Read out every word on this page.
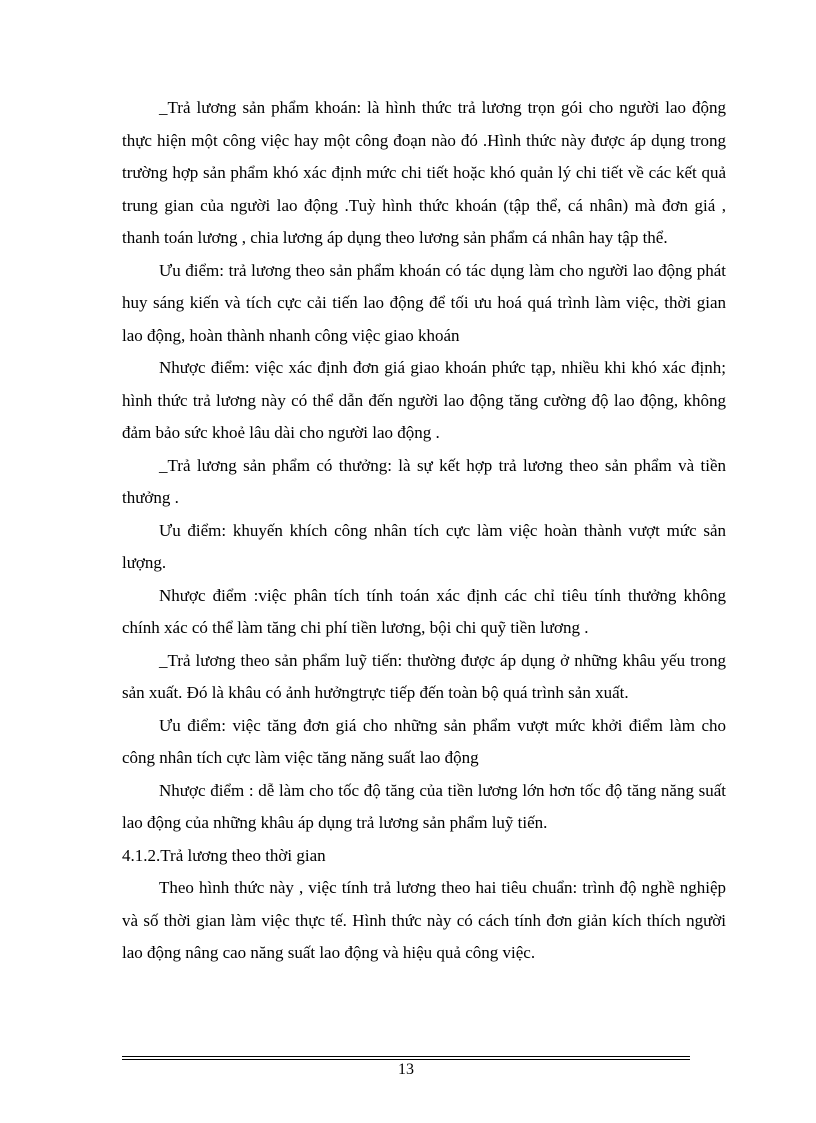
_Trả lương sản phẩm khoán: là hình thức trả lương trọn gói cho người lao động thực hiện một công việc hay một công đoạn nào đó .Hình thức này được áp dụng trong trường hợp sản phẩm khó xác định mức chi tiết hoặc khó quản lý chi tiết về các kết quả trung gian của người lao động .Tuỳ hình thức khoán (tập thể, cá nhân) mà đơn giá , thanh toán lương , chia lương áp dụng theo lương sản phẩm cá nhân hay tập thể.

Ưu điểm: trả lương theo sản phẩm khoán có tác dụng làm cho người lao động phát huy sáng kiến và tích cực cải tiến lao động để tối ưu hoá quá trình làm việc, thời gian lao động, hoàn thành nhanh công việc giao khoán

Nhược điểm: việc xác định đơn giá giao khoán phức tạp, nhiều khi khó xác định; hình thức trả lương này có thể dẫn đến người lao động tăng cường độ lao động, không đảm bảo sức khoẻ lâu dài cho người lao động .

_Trả lương sản phẩm có thưởng: là sự kết hợp trả lương theo sản phẩm và tiền thưởng .

Ưu điểm: khuyến khích công nhân tích cực làm việc hoàn thành vượt mức sản lượng.

Nhược điểm :việc phân tích tính toán xác định các chỉ tiêu tính thưởng không chính xác có thể làm tăng chi phí tiền lương, bội chi quỹ tiền lương .

_Trả lương theo sản phẩm luỹ tiến: thường được áp dụng ở những khâu yếu trong sản xuất. Đó là khâu có ảnh hưởngtrực tiếp đến toàn bộ quá trình sản xuất.

Ưu điểm: việc tăng đơn giá cho những sản phẩm vượt mức khởi điểm làm cho công nhân tích cực làm việc tăng năng suất lao động

Nhược điểm : dễ làm cho tốc độ tăng của tiền lương lớn hơn tốc độ tăng năng suất lao động của những khâu áp dụng trả lương sản phẩm luỹ tiến.

4.1.2.Trả lương theo thời gian

Theo hình thức này , việc tính trả lương theo hai tiêu chuẩn: trình độ nghề nghiệp và số thời gian làm việc thực tế. Hình thức này có cách tính đơn giản kích thích người lao động nâng cao năng suất lao động và hiệu quả công việc.

13
